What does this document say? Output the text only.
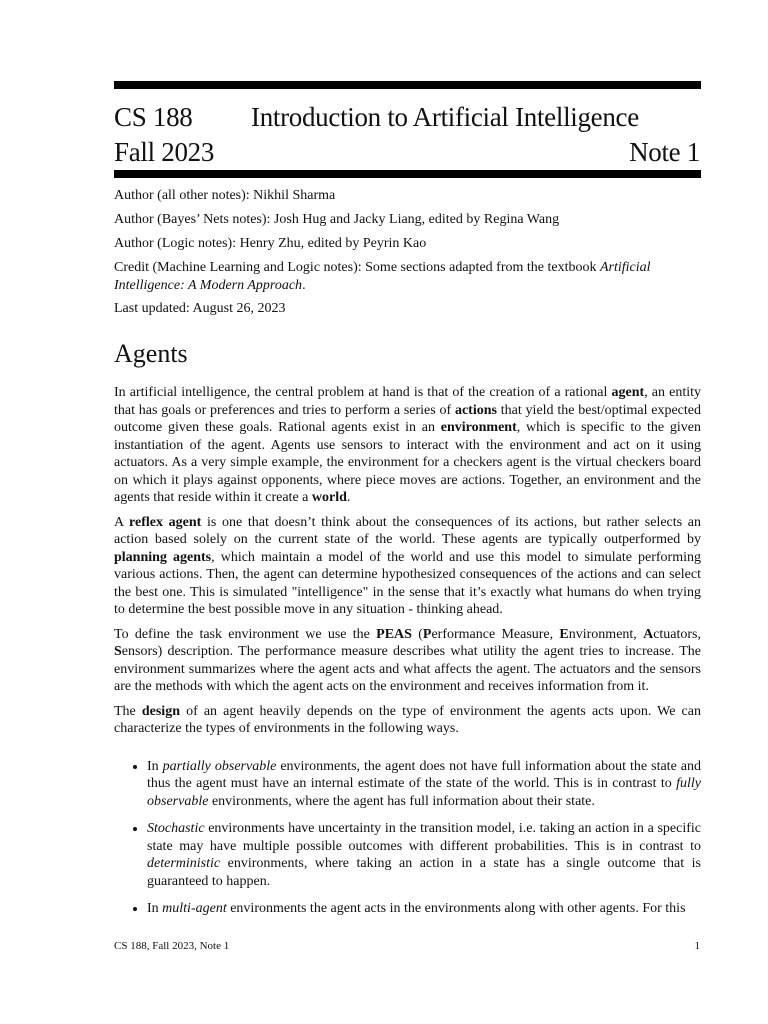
CS 188 Introduction to Artificial Intelligence
Fall 2023	Note 1
Author (all other notes): Nikhil Sharma
Author (Bayes’ Nets notes): Josh Hug and Jacky Liang, edited by Regina Wang
Author (Logic notes): Henry Zhu, edited by Peyrin Kao
Credit (Machine Learning and Logic notes): Some sections adapted from the textbook Artificial Intelligence: A Modern Approach.
Last updated: August 26, 2023
Agents

In artificial intelligence, the central problem at hand is that of the creation of a rational agent, an entity that has goals or preferences and tries to perform a series of actions that yield the best/optimal expected outcome given these goals. Rational agents exist in an environment, which is specific to the given instantiation of the agent. Agents use sensors to interact with the environment and act on it using actuators. As a very simple example, the environment for a checkers agent is the virtual checkers board on which it plays against opponents, where piece moves are actions. Together, an environment and the agents that reside within it create a world.

A reflex agent is one that doesn’t think about the consequences of its actions, but rather selects an action based solely on the current state of the world. These agents are typically outperformed by planning agents, which maintain a model of the world and use this model to simulate performing various actions. Then, the agent can determine hypothesized consequences of the actions and can select the best one. This is simulated "intelligence" in the sense that it’s exactly what humans do when trying to determine the best possible move in any situation - thinking ahead.

To define the task environment we use the PEAS (Performance Measure, Environment, Actuators, Sensors) description. The performance measure describes what utility the agent tries to increase. The environment summarizes where the agent acts and what affects the agent. The actuators and the sensors are the methods with which the agent acts on the environment and receives information from it.

The design of an agent heavily depends on the type of environment the agents acts upon. We can characterize the types of environments in the following ways.

• In partially observable environments, the agent does not have full information about the state and thus the agent must have an internal estimate of the state of the world. This is in contrast to fully observable environments, where the agent has full information about their state.
• Stochastic environments have uncertainty in the transition model, i.e. taking an action in a specific state may have multiple possible outcomes with different probabilities. This is in contrast to deterministic environments, where taking an action in a state has a single outcome that is guaranteed to happen.
• In multi-agent environments the agent acts in the environments along with other agents. For this
CS 188, Fall 2023, Note 1	1
